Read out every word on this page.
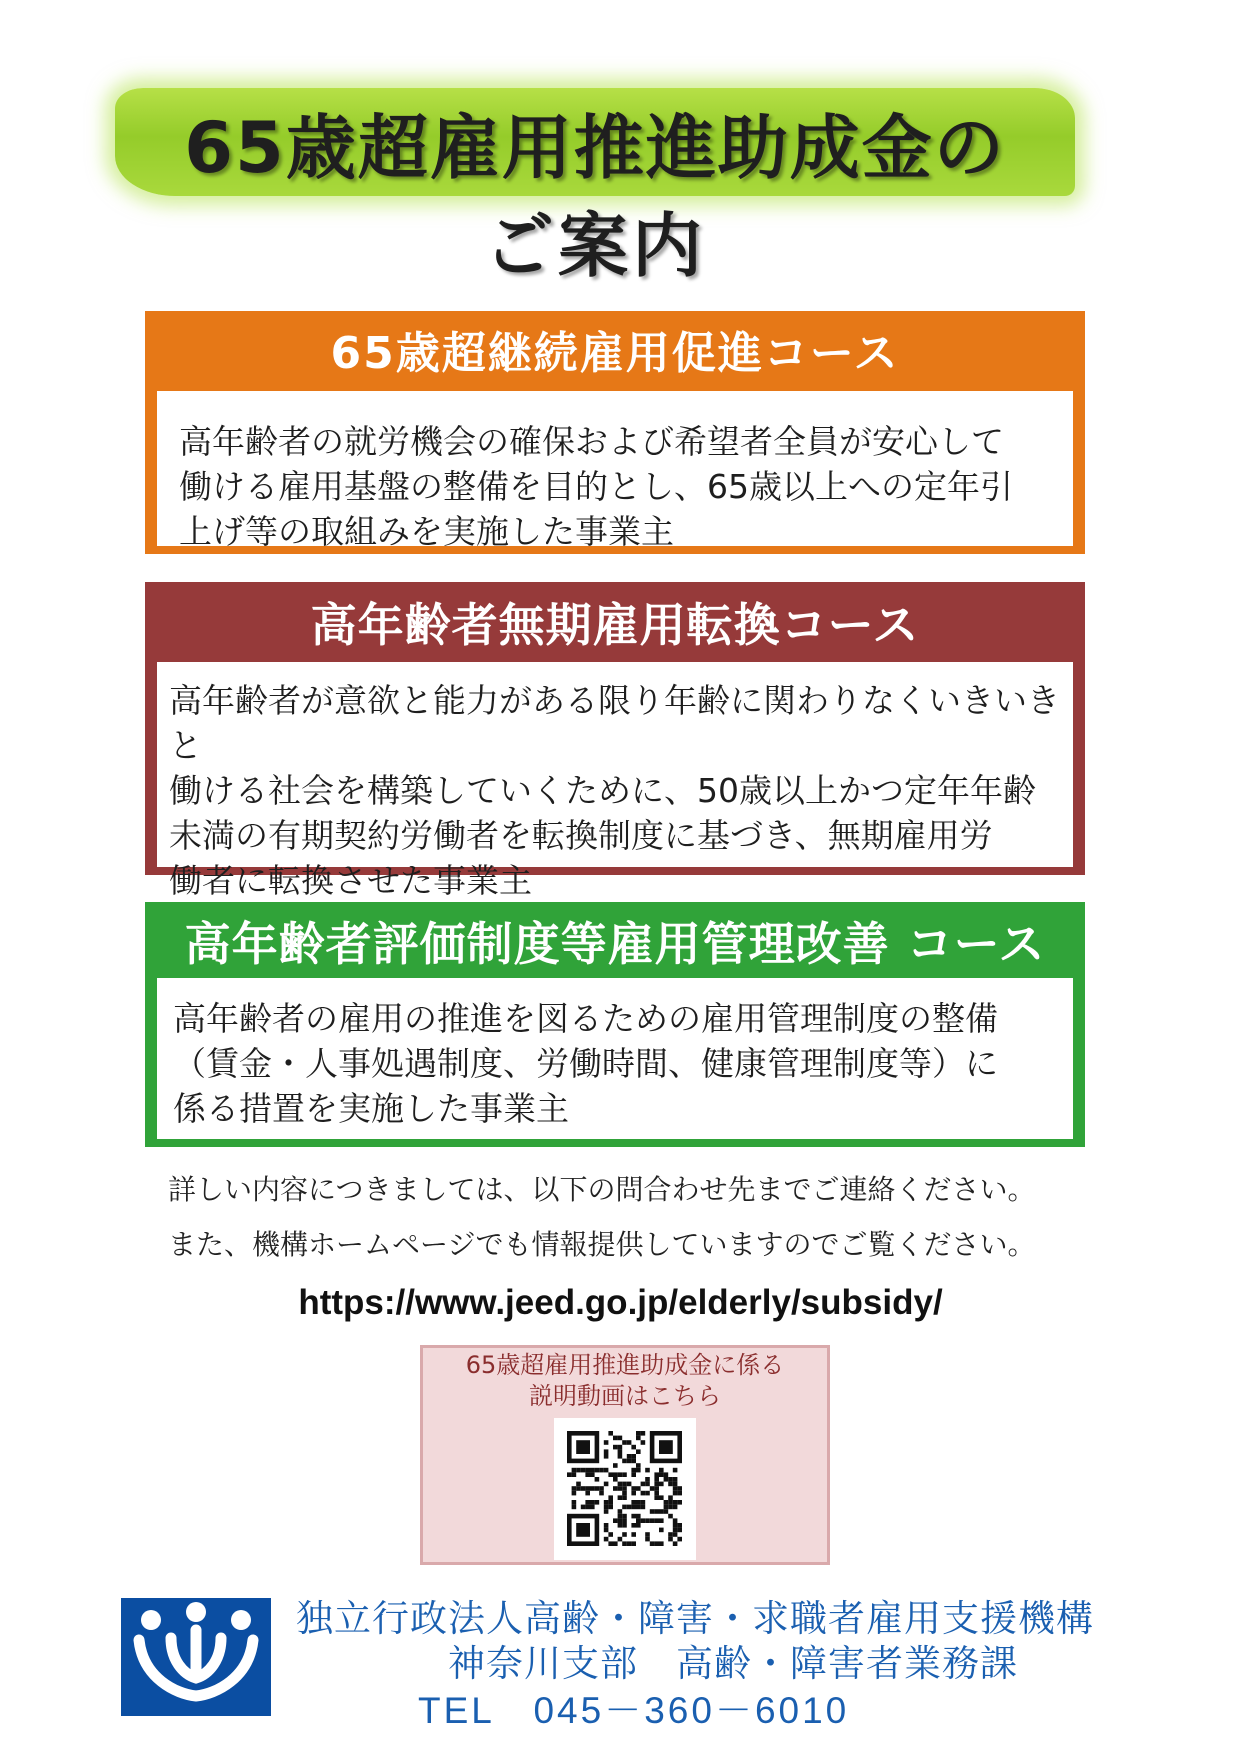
65歳超雇用推進助成金の
ご案内
65歳超継続雇用促進コース
高年齢者の就労機会の確保および希望者全員が安心して
働ける雇用基盤の整備を目的とし、65歳以上への定年引
上げ等の取組みを実施した事業主
高年齢者無期雇用転換コース
高年齢者が意欲と能力がある限り年齢に関わりなくいきいきと
働ける社会を構築していくために、50歳以上かつ定年年齢
未満の有期契約労働者を転換制度に基づき、無期雇用労
働者に転換させた事業主
高年齢者評価制度等雇用管理改善 コース
高年齢者の雇用の推進を図るための雇用管理制度の整備
（賃金・人事処遇制度、労働時間、健康管理制度等）に
係る措置を実施した事業主
詳しい内容につきましては、以下の問合わせ先までご連絡ください。
また、機構ホームページでも情報提供していますのでご覧ください。
https://www.jeed.go.jp/elderly/subsidy/
65歳超雇用推進助成金に係る
説明動画はこちら
独立行政法人高齢・障害・求職者雇用支援機構
神奈川支部　高齢・障害者業務課
TEL　045－360－6010
